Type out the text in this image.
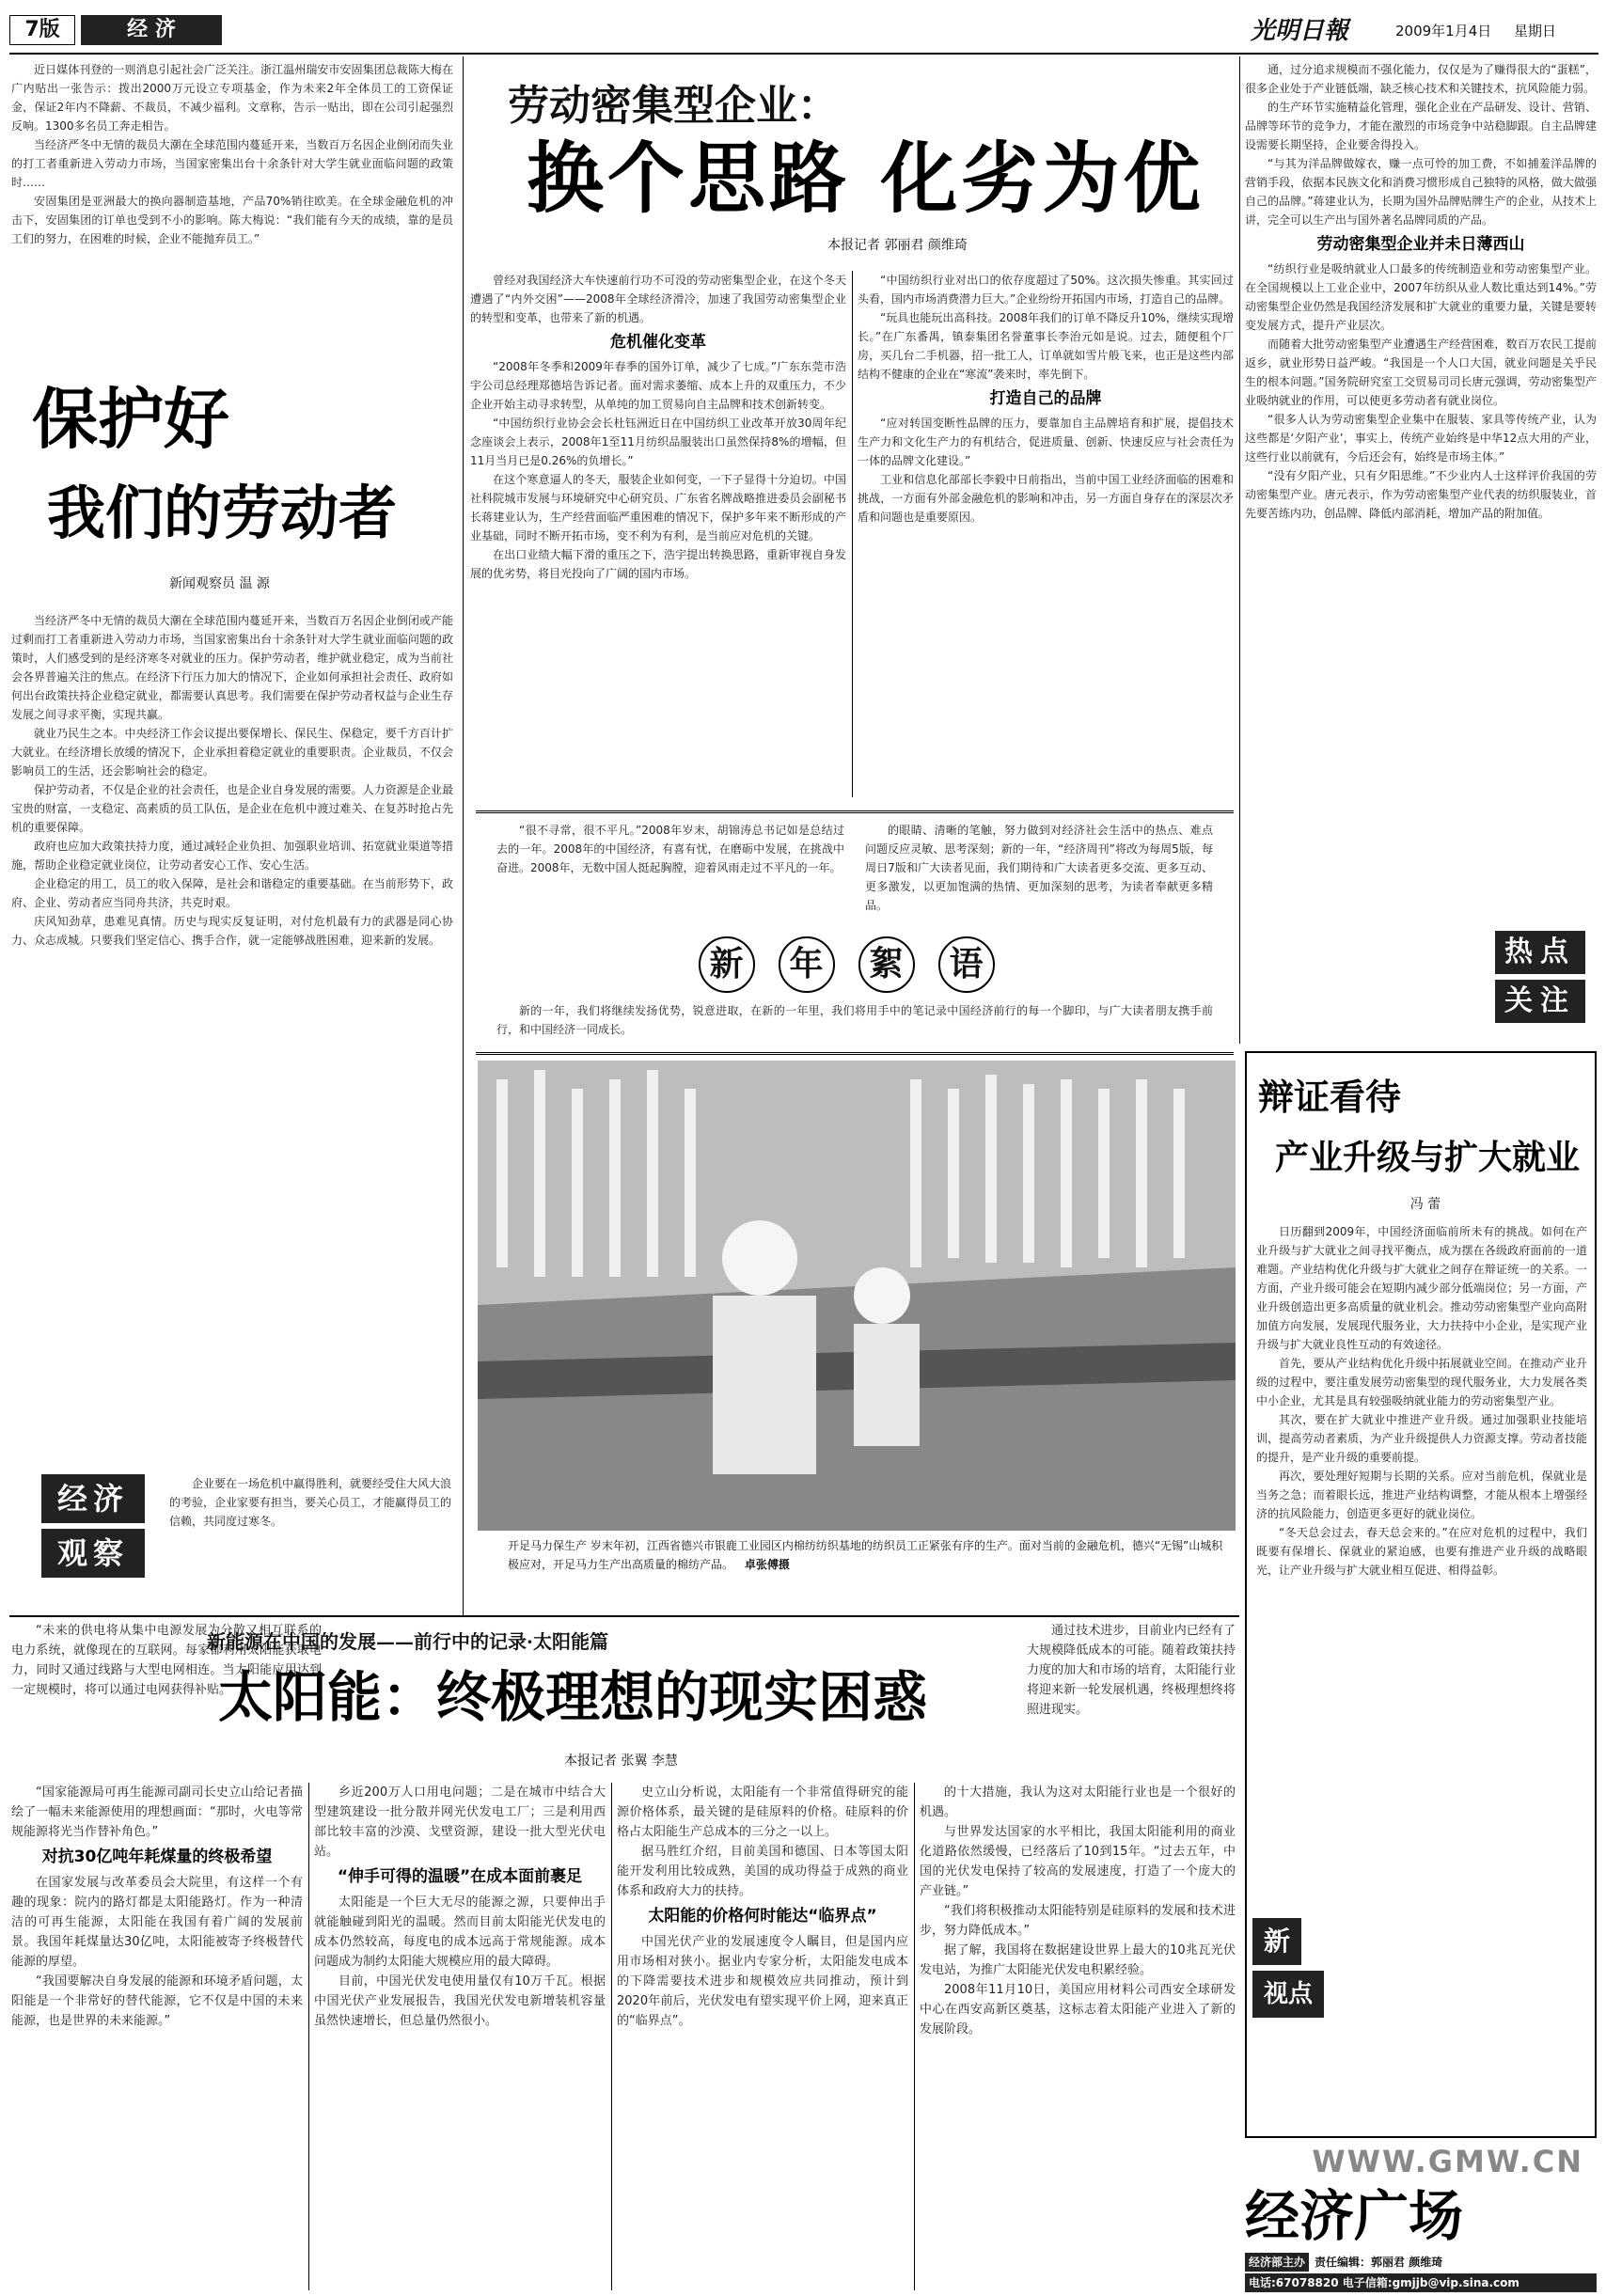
7版	经 济	光明日報	2009年1月4日	星期日

近日媒体刊登的一则消息引起社会广泛关注。浙江温州瑞安市安固集团总裁陈大梅在广内贴出一张告示：拨出2000万元设立专项基金，作为未来2年全体员工的工资保证金，保证2年内不降薪、不裁员，不减少福利。文章称，告示一贴出，即在公司引起强烈反响。1300多名员工奔走相告。

当经济严冬中无情的裁员大潮在全球范围内蔓延开来，当数百万名因企业倒闭而失业的打工者重新进入劳动力市场，当国家密集出台十余条针对大学生就业面临问题的政策时……

安固集团是亚洲最大的换向器制造基地，产品70%销往欧美。在全球金融危机的冲击下，安固集团的订单也受到不小的影响。陈大梅说：“我们能有今天的成绩，靠的是员工们的努力，在困难的时候，企业不能抛弃员工。”

保护好
我们的劳动者
新闻观察员 温 源

当经济严冬中无情的裁员大潮在全球范围内蔓延开来，当数百万名因企业倒闭或产能过剩而打工者重新进入劳动力市场，当国家密集出台十余条针对大学生就业面临问题的政策时，人们感受到的是经济寒冬对就业的压力。保护劳动者，维护就业稳定，成为当前社会各界普遍关注的焦点。在经济下行压力加大的情况下，企业如何承担社会责任、政府如何出台政策扶持企业稳定就业，都需要认真思考。我们需要在保护劳动者权益与企业生存发展之间寻求平衡，实现共赢。

就业乃民生之本。中央经济工作会议提出要保增长、保民生、保稳定，要千方百计扩大就业。在经济增长放缓的情况下，企业承担着稳定就业的重要职责。企业裁员，不仅会影响员工的生活，还会影响社会的稳定。

保护劳动者，不仅是企业的社会责任，也是企业自身发展的需要。人力资源是企业最宝贵的财富，一支稳定、高素质的员工队伍，是企业在危机中渡过难关、在复苏时抢占先机的重要保障。

政府也应加大政策扶持力度，通过减轻企业负担、加强职业培训、拓宽就业渠道等措施，帮助企业稳定就业岗位，让劳动者安心工作、安心生活。

企业稳定的用工，员工的收入保障，是社会和谐稳定的重要基础。在当前形势下，政府、企业、劳动者应当同舟共济，共克时艰。

庆风知劲草，患难见真情。历史与现实反复证明，对付危机最有力的武器是同心协力、众志成城。只要我们坚定信心、携手合作，就一定能够战胜困难，迎来新的发展。

经济
观察

企业要在一场危机中赢得胜利，就要经受住大风大浪的考验，企业家要有担当，要关心员工，才能赢得员工的信赖，共同度过寒冬。

劳动密集型企业：
换个思路 化劣为优
本报记者 郭丽君 颜维琦

曾经对我国经济大车快速前行功不可没的劳动密集型企业，在这个冬天遭遇了“内外交困”——2008年全球经济滑冷，加速了我国劳动密集型企业的转型和变革，也带来了新的机遇。

危机催化变革

“2008年冬季和2009年春季的国外订单，减少了七成。”广东东莞市浩宇公司总经理郑德培告诉记者。面对需求萎缩、成本上升的双重压力，不少企业开始主动寻求转型，从单纯的加工贸易向自主品牌和技术创新转变。

“中国纺织行业协会会长杜钰洲近日在中国纺织工业改革开放30周年纪念座谈会上表示，2008年1至11月纺织品服装出口虽然保持8%的增幅，但11月当月已是0.26%的负增长。”

在这个寒意逼人的冬天，服装企业如何变，一下子显得十分迫切。中国社科院城市发展与环境研究中心研究员、广东省名牌战略推进委员会副秘书长蒋建业认为，生产经营面临严重困难的情况下，保护多年来不断形成的产业基础，同时不断开拓市场，变不利为有利，是当前应对危机的关键。

在出口业绩大幅下滑的重压之下，浩宇提出转换思路，重新审视自身发展的优劣势，将目光投向了广阔的国内市场。

“中国纺织行业对出口的依存度超过了50%。这次损失惨重。其实回过头看，国内市场消费潜力巨大。”企业纷纷开拓国内市场，打造自己的品牌。

“玩具也能玩出高科技。2008年我们的订单不降反升10%，继续实现增长。”在广东番禺，镇泰集团名誉董事长李治元如是说。过去，随便租个厂房，买几台二手机器，招一批工人，订单就如雪片般飞来，也正是这些内部结构不健康的企业在“寒流”袭来时，率先倒下。

打造自己的品牌

“应对转国变断性品牌的压力，要靠加自主品牌培育和扩展，提倡技术生产力和文化生产力的有机结合，促进质量、创新、快速反应与社会责任为一体的品牌文化建设。”

工业和信息化部部长李毅中日前指出，当前中国工业经济面临的困难和挑战，一方面有外部金融危机的影响和冲击，另一方面自身存在的深层次矛盾和问题也是重要原因。

通，过分追求规模而不强化能力，仅仅是为了赚得很大的“蛋糕”，很多企业处于产业链低端，缺乏核心技术和关键技术，抗风险能力弱。

的生产环节实施精益化管理，强化企业在产品研发、设计、营销、品牌等环节的竞争力，才能在激烈的市场竞争中站稳脚跟。自主品牌建设需要长期坚持，企业要舍得投入。

“与其为洋品牌做嫁衣，赚一点可怜的加工费，不如捕羞洋品牌的营销手段，依据本民族文化和消费习惯形成自己独特的风格，做大做强自己的品牌。”蒋建业认为，长期为国外品牌贴牌生产的企业，从技术上讲，完全可以生产出与国外著名品牌同质的产品。

劳动密集型企业并未日薄西山

“纺织行业是吸纳就业人口最多的传统制造业和劳动密集型产业。在全国规模以上工业企业中，2007年纺织从业人数比重达到14%。”劳动密集型企业仍然是我国经济发展和扩大就业的重要力量，关键是要转变发展方式，提升产业层次。

而随着大批劳动密集型产业遭遇生产经营困难，数百万农民工提前返乡，就业形势日益严峻。“我国是一个人口大国，就业问题是关乎民生的根本问题。”国务院研究室工交贸易司司长唐元强调，劳动密集型产业吸纳就业的作用，可以使更多劳动者有就业岗位。

“很多人认为劳动密集型企业集中在服装、家具等传统产业，认为这些都是‘夕阳产业’，事实上，传统产业始终是中华12点大用的产业，这些行业以前就有，今后还会有，始终是市场主体。”

“没有夕阳产业，只有夕阳思维。”不少业内人士这样评价我国的劳动密集型产业。唐元表示，作为劳动密集型产业代表的纺织服装业，首先要苦练内功，创品牌、降低内部消耗，增加产品的附加值。

热点
关注

“很不寻常，很不平凡。”2008年岁末，胡锦涛总书记如是总结过去的一年。2008年的中国经济，有喜有忧，在磨砺中发展，在挑战中奋进。2008年，无数中国人挺起胸膛，迎着风雨走过不平凡的一年。

的眼睛、清晰的笔触，努力做到对经济社会生活中的热点、难点问题反应灵敏、思考深刻；新的一年，“经济周刊”将改为每周5版，每周日7版和广大读者见面，我们期待和广大读者更多交流、更多互动、更多激发，以更加饱满的热情、更加深刻的思考，为读者奉献更多精品。

新	年	絮	语

新的一年，我们将继续发扬优势，锐意进取，在新的一年里，我们将用手中的笔记录中国经济前行的每一个脚印，与广大读者朋友携手前行，和中国经济一同成长。

开足马力保生产 岁末年初，江西省德兴市银鹿工业园区内棉纺纺织基地的纺织员工正紧张有序的生产。面对当前的金融危机，德兴“无锡”山城积极应对，开足马力生产出高质量的棉纺产品。 卓张傅摄
辩证看待
产业升级与扩大就业
冯 蕾

日历翻到2009年，中国经济面临前所未有的挑战。如何在产业升级与扩大就业之间寻找平衡点，成为摆在各级政府面前的一道难题。产业结构优化升级与扩大就业之间存在辩证统一的关系。一方面，产业升级可能会在短期内减少部分低端岗位；另一方面，产业升级创造出更多高质量的就业机会。推动劳动密集型产业向高附加值方向发展，发展现代服务业，大力扶持中小企业，是实现产业升级与扩大就业良性互动的有效途径。

首先，要从产业结构优化升级中拓展就业空间。在推动产业升级的过程中，要注重发展劳动密集型的现代服务业，大力发展各类中小企业，尤其是具有较强吸纳就业能力的劳动密集型产业。

其次，要在扩大就业中推进产业升级。通过加强职业技能培训，提高劳动者素质，为产业升级提供人力资源支撑。劳动者技能的提升，是产业升级的重要前提。

再次，要处理好短期与长期的关系。应对当前危机，保就业是当务之急；而着眼长远，推进产业结构调整，才能从根本上增强经济的抗风险能力，创造更多更好的就业岗位。

“冬天总会过去，春天总会来的。”在应对危机的过程中，我们既要有保增长、保就业的紧迫感，也要有推进产业升级的战略眼光，让产业升级与扩大就业相互促进、相得益彰。

新
视点

“未来的供电将从集中电源发展为分散又相互联系的电力系统，就像现在的互联网。每家都利用太阳能获取电力，同时又通过线路与大型电网相连。当太阳能应用达到一定规模时，将可以通过电网获得补贴。”

新能源在中国的发展——前行中的记录·太阳能篇
太阳能：终极理想的现实困惑
本报记者 张翼 李慧

通过技术进步，目前业内已经有了大规模降低成本的可能。随着政策扶持力度的加大和市场的培育，太阳能行业将迎来新一轮发展机遇，终极理想终将照进现实。

“国家能源局可再生能源司副司长史立山给记者描绘了一幅未来能源使用的理想画面：“那时，火电等常规能源将光当作替补角色。”

对抗30亿吨年耗煤量的终极希望

在国家发展与改革委员会大院里，有这样一个有趣的现象：院内的路灯都是太阳能路灯。作为一种清洁的可再生能源，太阳能在我国有着广阔的发展前景。我国年耗煤量达30亿吨，太阳能被寄予终极替代能源的厚望。

“我国要解决自身发展的能源和环境矛盾问题，太阳能是一个非常好的替代能源，它不仅是中国的未来能源，也是世界的未来能源。”

乡近200万人口用电问题；二是在城市中结合大型建筑建设一批分散并网光伏发电工厂；三是利用西部比较丰富的沙漠、戈壁资源，建设一批大型光伏电站。

“伸手可得的温暖”在成本面前裹足

太阳能是一个巨大无尽的能源之源，只要伸出手就能触碰到阳光的温暖。然而目前太阳能光伏发电的成本仍然较高，每度电的成本远高于常规能源。成本问题成为制约太阳能大规模应用的最大障碍。

目前，中国光伏发电使用量仅有10万千瓦。根据中国光伏产业发展报告，我国光伏发电新增装机容量虽然快速增长，但总量仍然很小。

史立山分析说，太阳能有一个非常值得研究的能源价格体系，最关键的是硅原料的价格。硅原料的价格占太阳能生产总成本的三分之一以上。

据马胜红介绍，目前美国和德国、日本等国太阳能开发利用比较成熟，美国的成功得益于成熟的商业体系和政府大力的扶持。

太阳能的价格何时能达“临界点”

中国光伏产业的发展速度令人瞩目，但是国内应用市场相对狭小。据业内专家分析，太阳能发电成本的下降需要技术进步和规模效应共同推动，预计到2020年前后，光伏发电有望实现平价上网，迎来真正的“临界点”。

的十大措施，我认为这对太阳能行业也是一个很好的机遇。

与世界发达国家的水平相比，我国太阳能利用的商业化道路依然缓慢，已经落后了10到15年。“过去五年，中国的光伏发电保持了较高的发展速度，打造了一个庞大的产业链。”

“我们将积极推动太阳能特别是硅原料的发展和技术进步，努力降低成本。”

据了解，我国将在数据建设世界上最大的10兆瓦光伏发电站，为推广太阳能光伏发电积累经验。

2008年11月10日，美国应用材料公司西安全球研发中心在西安高新区奠基，这标志着太阳能产业进入了新的发展阶段。

WWW.GMW.CN
经济广场
经济部主办 责任编辑：郭丽君 颜维琦
电话:67078820 电子信箱:gmjjb@vip.sina.com
